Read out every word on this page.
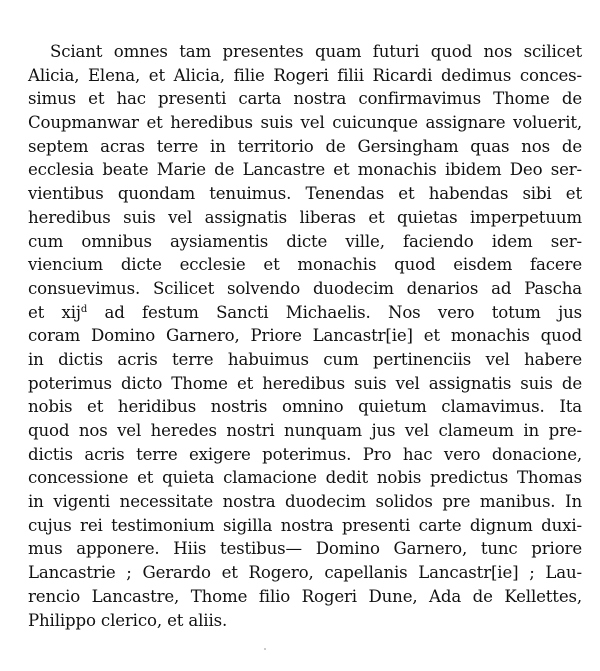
Sciant omnes tam presentes quam futuri quod nos scilicet
Alicia, Elena, et Alicia, filie Rogeri filii Ricardi dedimus conces-
simus et hac presenti carta nostra confirmavimus Thome de
Coupmanwar et heredibus suis vel cuicunque assignare voluerit,
septem acras terre in territorio de Gersingham quas nos de
ecclesia beate Marie de Lancastre et monachis ibidem Deo ser-
vientibus quondam tenuimus. Tenendas et habendas sibi et
heredibus suis vel assignatis liberas et quietas imperpetuum
cum omnibus aysiamentis dicte ville, faciendo idem ser-
viencium dicte ecclesie et monachis quod eisdem facere
consuevimus. Scilicet solvendo duodecim denarios ad Pascha
et xij$^d$ ad festum Sancti Michaelis. Nos vero totum jus
coram Domino Garnero, Priore Lancastr[ie] et monachis quod
in dictis acris terre habuimus cum pertinenciis vel habere
poterimus dicto Thome et heredibus suis vel assignatis suis de
nobis et heridibus nostris omnino quietum clamavimus. Ita
quod nos vel heredes nostri nunquam jus vel clameum in pre-
dictis acris terre exigere poterimus. Pro hac vero donacione,
concessione et quieta clamacione dedit nobis predictus Thomas
in vigenti necessitate nostra duodecim solidos pre manibus. In
cujus rei testimonium sigilla nostra presenti carte dignum duxi-
mus apponere. Hiis testibus— Domino Garnero, tunc priore
Lancastrie ; Gerardo et Rogero, capellanis Lancastr[ie] ; Lau-
rencio Lancastre, Thome filio Rogeri Dune, Ada de Kellettes,
Philippo clerico, et aliis.
